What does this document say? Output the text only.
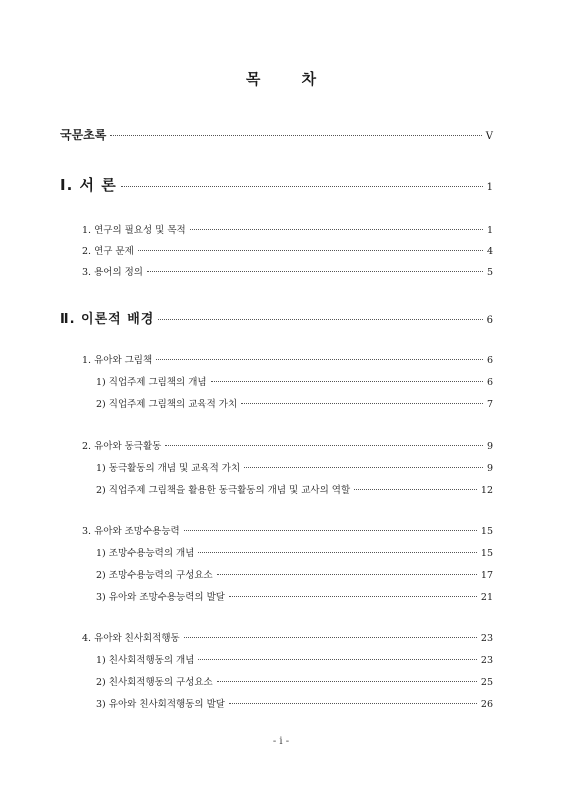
목 차
국문초록	Ⅴ
Ⅰ. 서 론	1
1. 연구의 필요성 및 목적	1
2. 연구 문제	4
3. 용어의 정의	5
Ⅱ. 이론적 배경	6
1. 유아와 그림책	6
1) 직업주제 그림책의 개념	6
2) 직업주제 그림책의 교육적 가치	7
2. 유아와 동극활동	9
1) 동극활동의 개념 및 교육적 가치	9
2) 직업주제 그림책을 활용한 동극활동의 개념 및 교사의 역할	12
3. 유아와 조망수용능력	15
1) 조망수용능력의 개념	15
2) 조망수용능력의 구성요소	17
3) 유아와 조망수용능력의 발달	21
4. 유아와 친사회적행동	23
1) 친사회적행동의 개념	23
2) 친사회적행동의 구성요소	25
3) 유아와 친사회적행동의 발달	26
- i -
